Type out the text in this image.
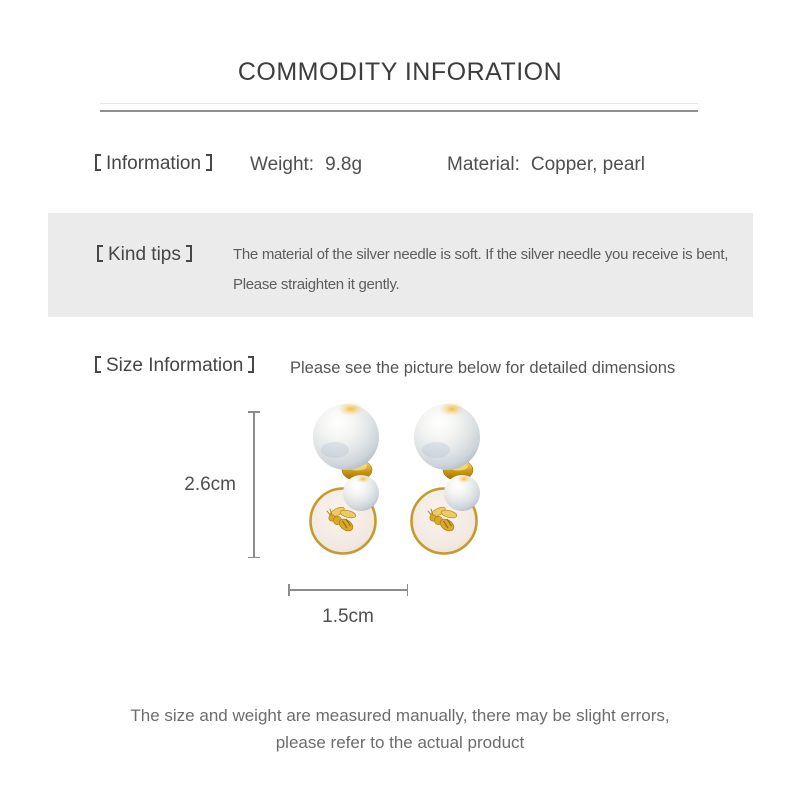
COMMODITY INFORATION
Information	Weight: 9.8g	Material: Copper, pearl
Kind tips	The material of the silver needle is soft. If the silver needle you receive is bent,
Please straighten it gently.
Size Information	Please see the picture below for detailed dimensions
2.6cm
1.5cm
The size and weight are measured manually, there may be slight errors,
please refer to the actual product
